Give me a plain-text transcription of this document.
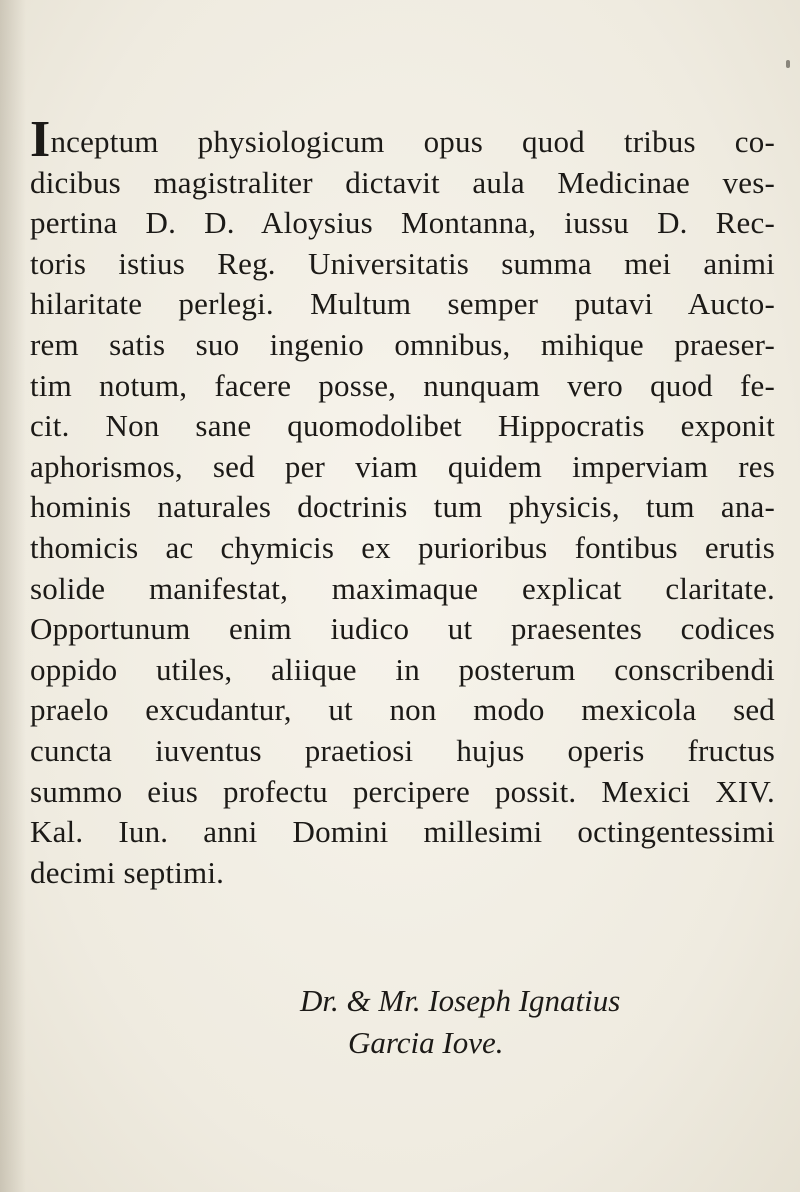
Inceptum physiologicum opus quod tribus co-
dicibus magistraliter dictavit aula Medicinae ves-
pertina D. D. Aloysius Montanna, iussu D. Rec-
toris istius Reg. Universitatis summa mei animi
hilaritate perlegi. Multum semper putavi Aucto-
rem satis suo ingenio omnibus, mihique praeser-
tim notum, facere posse, nunquam vero quod fe-
cit. Non sane quomodolibet Hippocratis exponit
aphorismos, sed per viam quidem imperviam res
hominis naturales doctrinis tum physicis, tum ana-
thomicis ac chymicis ex purioribus fontibus erutis
solide manifestat, maximaque explicat claritate.
Opportunum enim iudico ut praesentes codices
oppido utiles, aliique in posterum conscribendi
praelo excudantur, ut non modo mexicola sed
cuncta iuventus praetiosi hujus operis fructus
summo eius profectu percipere possit. Mexici XIV.
Kal. Iun. anni Domini millesimi octingentessimi
decimi septimi.
Dr. & Mr. Ioseph Ignatius
Garcia Iove.
